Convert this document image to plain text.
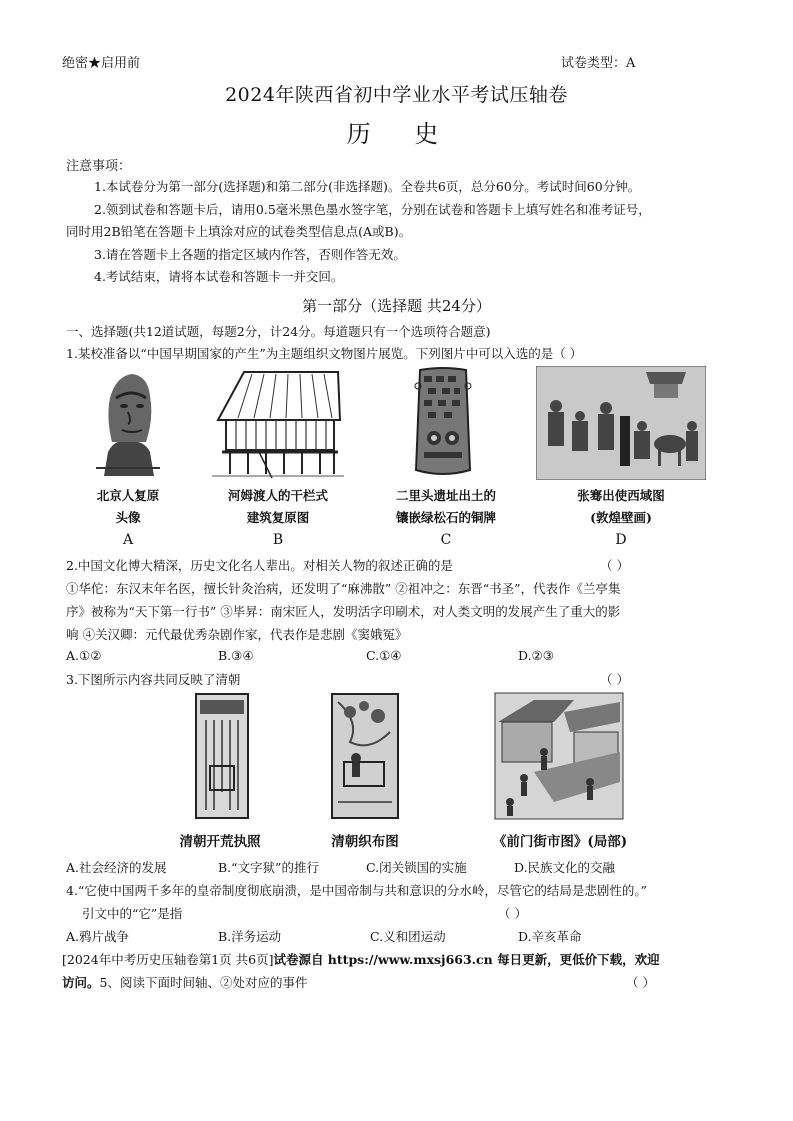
绝密★启用前	试卷类型：A
2024年陕西省初中学业水平考试压轴卷
历 史
注意事项：
1.本试卷分为第一部分(选择题)和第二部分(非选择题)。全卷共6页，总分60分。考试时间60分钟。
2.领到试卷和答题卡后，请用0.5毫米黑色墨水签字笔，分别在试卷和答题卡上填写姓名和准考证号，
同时用2B铅笔在答题卡上填涂对应的试卷类型信息点(A或B)。
3.请在答题卡上各题的指定区域内作答，否则作答无效。
4.考试结束，请将本试卷和答题卡一并交回。
第一部分（选择题 共24分）
一、选择题(共12道试题，每题2分，计24分。每道题只有一个选项符合题意)
1.某校准备以“中国早期国家的产生”为主题组织文物图片展览。下列图片中可以入选的是（ ）
北京人复原
头像
A
河姆渡人的干栏式
建筑复原图
B
二里头遗址出土的
镶嵌绿松石的铜牌
C
张骞出使西域图
(敦煌壁画)
D
2.中国文化博大精深，历史文化名人辈出。对相关人物的叙述正确的是	（ ）
①华佗：东汉末年名医，擅长针灸治病，还发明了“麻沸散” ②祖冲之：东晋“书圣”，代表作《兰亭集
序》被称为“天下第一行书” ③毕昇：南宋匠人，发明活字印刷术，对人类文明的发展产生了重大的影
响 ④关汉卿：元代最优秀杂剧作家，代表作是悲剧《窦娥冤》
A.①②	B.③④	C.①④	D.②③
3.下图所示内容共同反映了清朝	（ ）
清朝开荒执照	清朝织布图	《前门街市图》(局部)
A.社会经济的发展	B.“文字狱”的推行	C.闭关锁国的实施	D.民族文化的交融
4.“它使中国两千多年的皇帝制度彻底崩溃，是中国帝制与共和意识的分水岭，尽管它的结局是悲剧性的。”
引文中的“它”是指	（ ）
A.鸦片战争	B.洋务运动	C.义和团运动	D.辛亥革命
[2024年中考历史压轴卷第1页 共6页]试卷源自 https://www.mxsj663.cn 每日更新，更低价下载，欢迎
访问。5、阅读下面时间轴、②处对应的事件	（ ）
